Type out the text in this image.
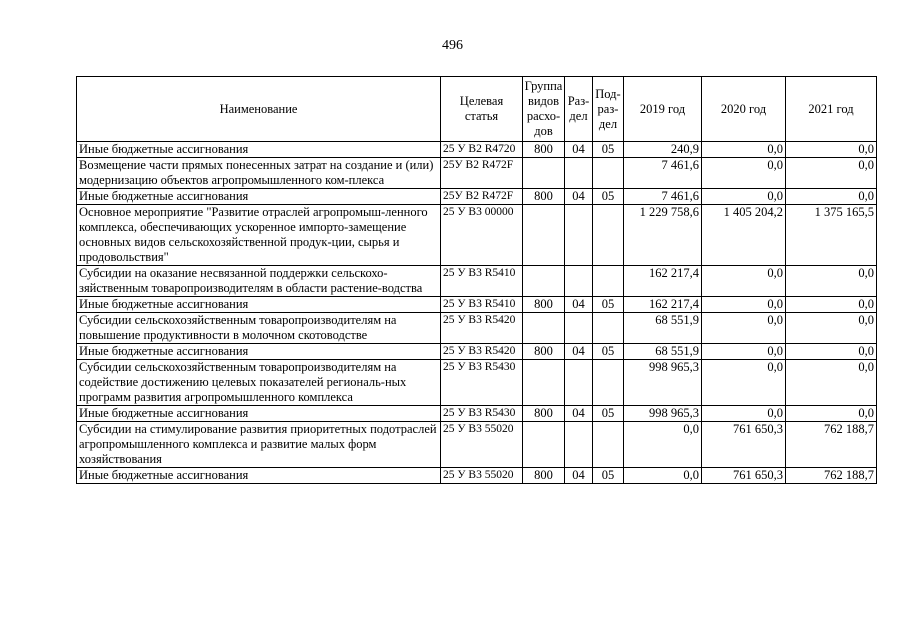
496
Наименование	Целевая статья	Группа видов расхо-дов	Раз-дел	Под-раз-дел	2019 год	2020 год	2021 год
Иные бюджетные ассигнования	25 У В2 R4720	800	04	05	240,9	0,0	0,0
Возмещение части прямых понесенных затрат на создание и (или) модернизацию объектов агропромышленного ком-плекса	25У В2 R472F				7 461,6	0,0	0,0
Иные бюджетные ассигнования	25У В2 R472F	800	04	05	7 461,6	0,0	0,0
Основное мероприятие "Развитие отраслей агропромыш-ленного комплекса, обеспечивающих ускоренное импорто-замещение основных видов сельскохозяйственной продук-ции, сырья и продовольствия"	25 У В3 00000				1 229 758,6	1 405 204,2	1 375 165,5
Субсидии на оказание несвязанной поддержки сельскохо-зяйственным товаропроизводителям в области растение-водства	25 У В3 R5410				162 217,4	0,0	0,0
Иные бюджетные ассигнования	25 У В3 R5410	800	04	05	162 217,4	0,0	0,0
Субсидии сельскохозяйственным товаропроизводителям на повышение продуктивности в молочном скотоводстве	25 У В3 R5420				68 551,9	0,0	0,0
Иные бюджетные ассигнования	25 У В3 R5420	800	04	05	68 551,9	0,0	0,0
Субсидии сельскохозяйственным товаропроизводителям на содействие достижению целевых показателей региональ-ных программ развития агропромышленного комплекса	25 У В3 R5430				998 965,3	0,0	0,0
Иные бюджетные ассигнования	25 У В3 R5430	800	04	05	998 965,3	0,0	0,0
Субсидии на стимулирование развития приоритетных подотраслей агропромышленного комплекса и развитие малых форм хозяйствования	25 У В3 55020				0,0	761 650,3	762 188,7
Иные бюджетные ассигнования	25 У В3 55020	800	04	05	0,0	761 650,3	762 188,7
